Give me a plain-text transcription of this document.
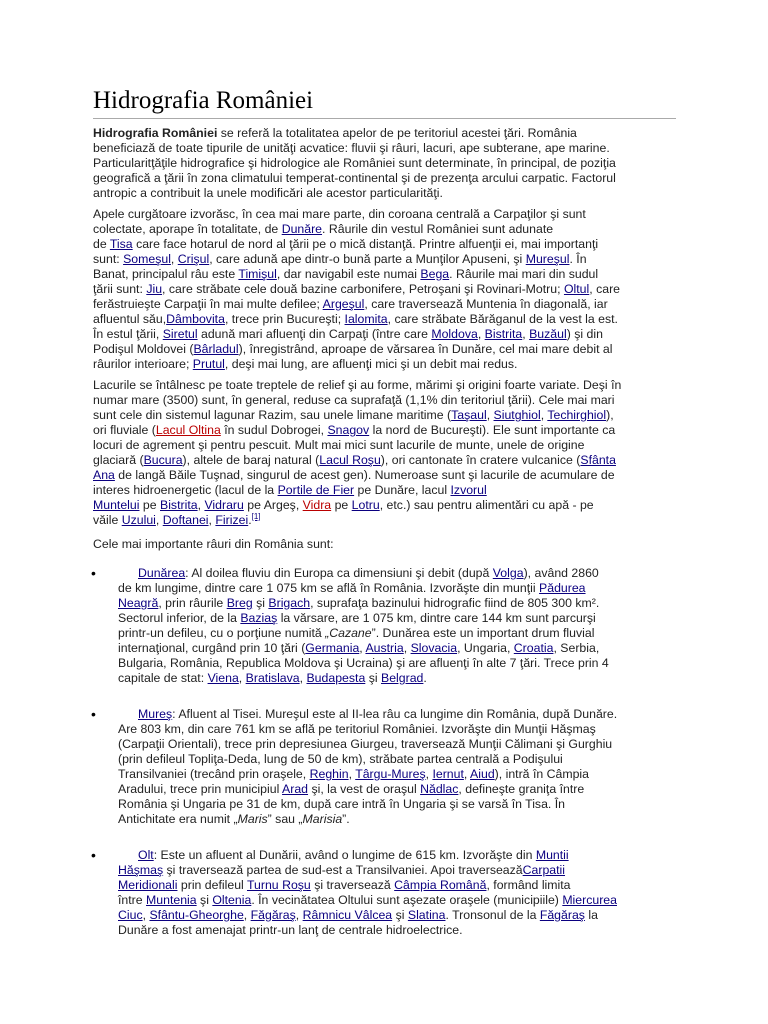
Hidrografia României

Hidrografia României se referă la totalitatea apelor de pe teritoriul acestei ţări. România
beneficiază de toate tipurile de unităţi acvatice: fluvii şi râuri, lacuri, ape subterane, ape marine.
Particularitţăţile hidrografice şi hidrologice ale României sunt determinate, în principal, de poziţia
geografică a ţării în zona climatului temperat-continental şi de prezenţa arcului carpatic. Factorul
antropic a contribuit la unele modificări ale acestor particularităţi.

Apele curgătoare izvorăsc, în cea mai mare parte, din coroana centrală a Carpaţilor şi sunt
colectate, aporape în totalitate, de Dunăre. Râurile din vestul României sunt adunate
de Tisa care face hotarul de nord al ţării pe o mică distanţă. Printre alfuenţii ei, mai importanţi
sunt: Someşul, Crişul, care adună ape dintr-o bună parte a Munţilor Apuseni, şi Mureşul. În
Banat, principalul râu este Timişul, dar navigabil este numai Bega. Râurile mai mari din sudul
ţării sunt: Jiu, care străbate cele două bazine carbonifere, Petroşani şi Rovinari-Motru; Oltul, care
ferăstruieşte Carpaţii în mai multe defilee; Argeşul, care traversează Muntenia în diagonală, iar
afluentul său,Dâmbovita, trece prin Bucureşti; Ialomita, care străbate Bărăganul de la vest la est.
În estul ţării, Siretul adună mari afluenţi din Carpaţi (între care Moldova, Bistrita, Buzăul) şi din
Podişul Moldovei (Bârladul), înregistrând, aproape de vărsarea în Dunăre, cel mai mare debit al
râurilor interioare; Prutul, deşi mai lung, are afluenţi mici şi un debit mai redus.

Lacurile se întâlnesc pe toate treptele de relief şi au forme, mărimi şi origini foarte variate. Deşi în
numar mare (3500) sunt, în general, reduse ca suprafaţă (1,1% din teritoriul ţării). Cele mai mari
sunt cele din sistemul lagunar Razim, sau unele limane maritime (Taşaul, Siutghiol, Techirghiol),
ori fluviale (Lacul Oltina în sudul Dobrogei, Snagov la nord de Bucureşti). Ele sunt importante ca
locuri de agrement şi pentru pescuit. Mult mai mici sunt lacurile de munte, unele de origine
glaciară (Bucura), altele de baraj natural (Lacul Roşu), ori cantonate în cratere vulcanice (Sfânta
Ana de langă Băile Tuşnad, singurul de acest gen). Numeroase sunt şi lacurile de acumulare de
interes hidroenergetic (lacul de la Portile de Fier pe Dunăre, lacul Izvorul
Muntelui pe Bistrita, Vidraru pe Argeş, Vidra pe Lotru, etc.) sau pentru alimentări cu apă - pe
văile Uzului, Doftanei, Firizei.[1]

Cele mai importante râuri din România sunt:

•	Dunărea: Al doilea fluviu din Europa ca dimensiuni şi debit (după Volga), având 2860
de km lungime, dintre care 1 075 km se află în România. Izvorăşte din munţii Pădurea
Neagră, prin râurile Breg şi Brigach, suprafaţa bazinului hidrografic fiind de 805 300 km².
Sectorul inferior, de la Baziaş la vărsare, are 1 075 km, dintre care 144 km sunt parcurşi
printr-un defileu, cu o porţiune numită „Cazane”. Dunărea este un important drum fluvial
internaţional, curgând prin 10 ţări (Germania, Austria, Slovacia, Ungaria, Croatia, Serbia,
Bulgaria, România, Republica Moldova şi Ucraina) şi are afluenţi în alte 7 ţări. Trece prin 4
capitale de stat: Viena, Bratislava, Budapesta şi Belgrad.
•	Mureş: Afluent al Tisei. Mureşul este al II-lea râu ca lungime din România, după Dunăre.
Are 803 km, din care 761 km se află pe teritoriul României. Izvorăşte din Munţii Hăşmaş
(Carpaţii Orientali), trece prin depresiunea Giurgeu, traversează Munţii Călimani şi Gurghiu
(prin defileul Topliţa-Deda, lung de 50 de km), străbate partea centrală a Podişului
Transilvaniei (trecând prin oraşele, Reghin, Târgu-Mureş, Iernut, Aiud), intră în Câmpia
Aradului, trece prin municipiul Arad şi, la vest de oraşul Nădlac, defineşte graniţa între
România şi Ungaria pe 31 de km, după care intră în Ungaria şi se varsă în Tisa. În
Antichitate era numit „Maris” sau „Marisia”.
•	Olt: Este un afluent al Dunării, având o lungime de 615 km. Izvorăşte din Muntii
Hăşmaş şi traversează partea de sud-est a Transilvaniei. Apoi traverseazăCarpatii
Meridionali prin defileul Turnu Roşu şi traversează Câmpia Română, formând limita
între Muntenia şi Oltenia. În vecinătatea Oltului sunt aşezate oraşele (municipiile) Miercurea
Ciuc, Sfântu-Gheorghe, Făgăraş, Râmnicu Vâlcea şi Slatina. Tronsonul de la Făgăraş la
Dunăre a fost amenajat printr-un lanţ de centrale hidroelectrice.
